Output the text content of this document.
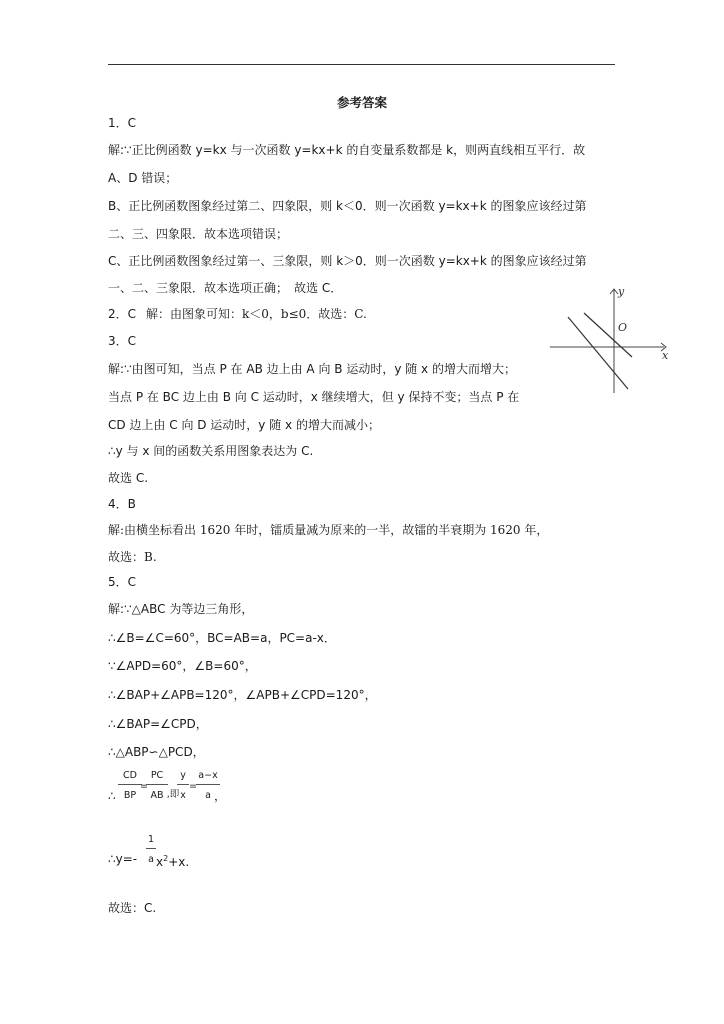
参考答案
1．C
解:∵正比例函数 y=kx 与一次函数 y=kx+k 的自变量系数都是 k，则两直线相互平行．故
A、D 错误；
B、正比例函数图象经过第二、四象限，则 k＜0．则一次函数 y=kx+k 的图象应该经过第
二、三、四象限．故本选项错误；
C、正比例函数图象经过第一、三象限，则 k＞0．则一次函数 y=kx+k 的图象应该经过第
一、二、三象限．故本选项正确；　故选 C．
2．C 解：由图象可知：k＜0，b≤0．故选：C.
x
y
O
3．C
解:∵由图可知，当点 P 在 AB 边上由 A 向 B 运动时，y 随 x 的增大而增大；
当点 P 在 BC 边上由 B 向 C 运动时，x 继续增大，但 y 保持不变；当点 P 在
CD 边上由 C 向 D 运动时，y 随 x 的增大而减小；
∴y 与 x 间的函数关系用图象表达为 C.
故选 C.
4．B
解:由横坐标看出 1620 年时，镭质量减为原来的一半，故镭的半衰期为 1620 年，
故选：B.
5．C
解:∵△ABC 为等边三角形，
∴∠B=∠C=60°，BC=AB=a，PC=a-x．
∵∠APD=60°，∠B=60°，
∴∠BAP+∠APB=120°，∠APB+∠CPD=120°，
∴∠BAP=∠CPD，
∴△ABP∽△PCD，
∴
CD
BP
=
PC
AB ,即
y
x
=
a−x
a ，
∴y=-
1
a $x^2+x$.
故选：C.
